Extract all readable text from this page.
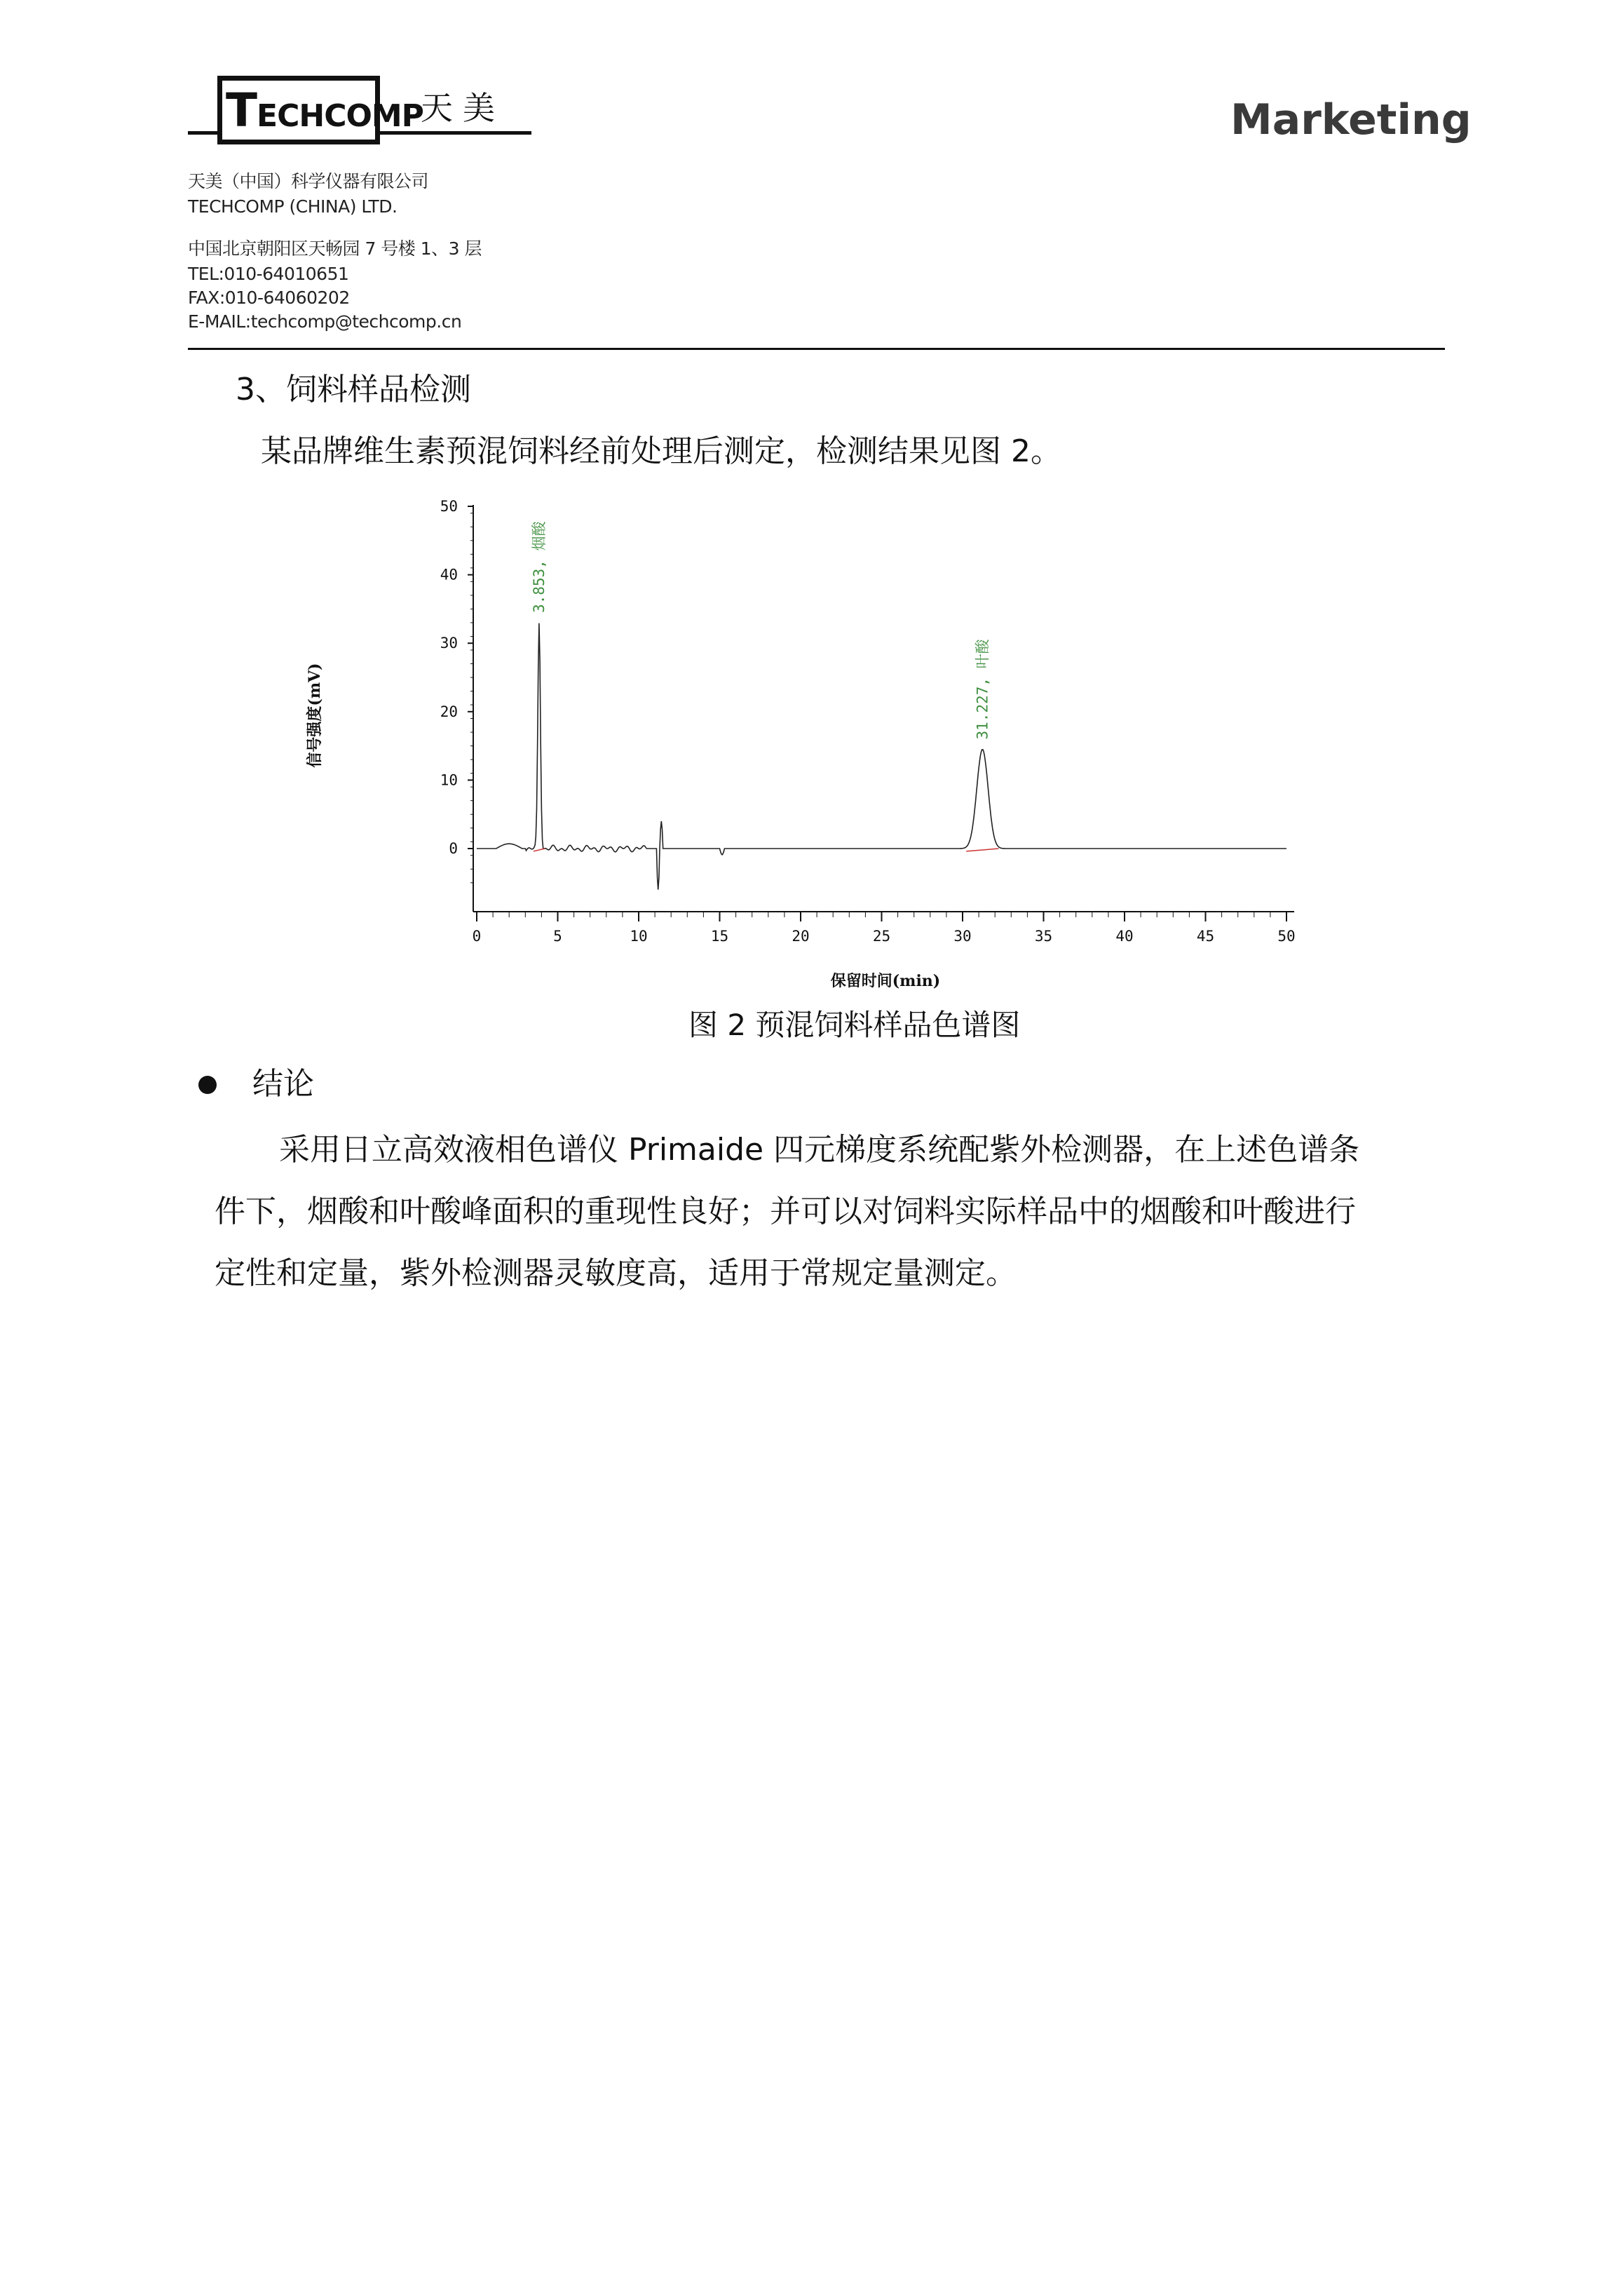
TECHCOMP
天美	Marketing
天美（中国）科学仪器有限公司
TECHCOMP (CHINA) LTD.
中国北京朝阳区天畅园 7 号楼 1、3 层
TEL:010-64010651
FAX:010-64060202
E-MAIL:techcomp@techcomp.cn
3、饲料样品检测
某品牌维生素预混饲料经前处理后测定，检测结果见图 2。
0
10
20
30
40
50
0	5	10	15	20	25	30	35	40	45	50
3.853, 烟酸
31.227, 叶酸
信号强度(mV)
保留时间(min)
图 2 预混饲料样品色谱图
结论
采用日立高效液相色谱仪 Primaide 四元梯度系统配紫外检测器，在上述色谱条
件下，烟酸和叶酸峰面积的重现性良好；并可以对饲料实际样品中的烟酸和叶酸进行
定性和定量，紫外检测器灵敏度高，适用于常规定量测定。
